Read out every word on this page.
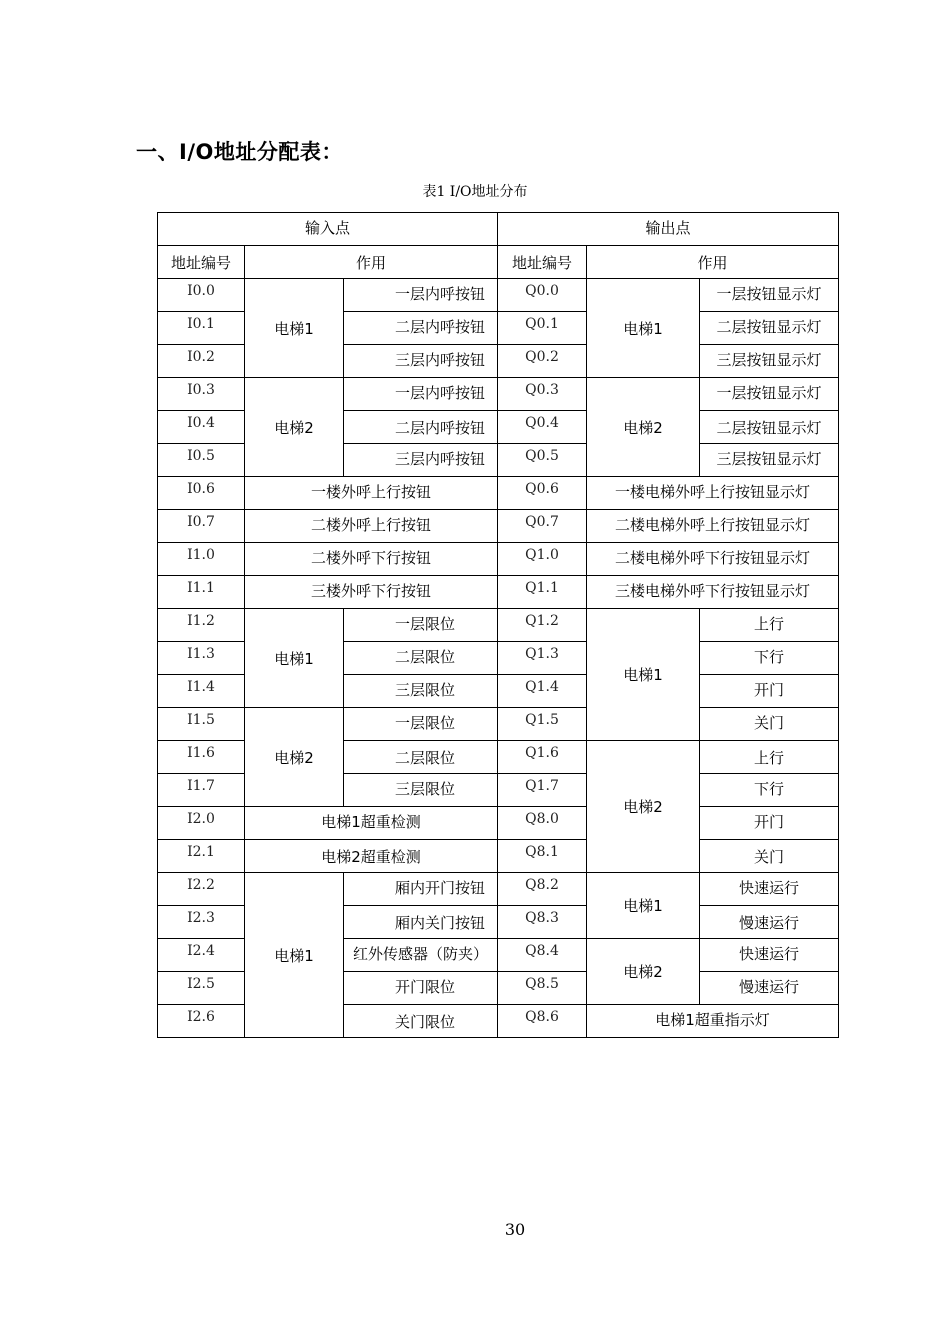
一、I/O地址分配表：
表1 I/O地址分布
输入点			输出点		
地址编号	作用		地址编号	作用	
I0.0	电梯1	一层内呼按钮	Q0.0	电梯1	一层按钮显示灯
I0.1		二层内呼按钮	Q0.1		二层按钮显示灯
I0.2		三层内呼按钮	Q0.2		三层按钮显示灯
I0.3	电梯2	一层内呼按钮	Q0.3	电梯2	一层按钮显示灯
I0.4		二层内呼按钮	Q0.4		二层按钮显示灯
I0.5		三层内呼按钮	Q0.5		三层按钮显示灯
I0.6	一楼外呼上行按钮		Q0.6	一楼电梯外呼上行按钮显示灯	
I0.7	二楼外呼上行按钮		Q0.7	二楼电梯外呼上行按钮显示灯	
I1.0	二楼外呼下行按钮		Q1.0	二楼电梯外呼下行按钮显示灯	
I1.1	三楼外呼下行按钮		Q1.1	三楼电梯外呼下行按钮显示灯	
I1.2	电梯1	一层限位	Q1.2	电梯1	上行
I1.3		二层限位	Q1.3		下行
I1.4		三层限位	Q1.4		开门
I1.5	电梯2	一层限位	Q1.5		关门
I1.6		二层限位	Q1.6	电梯2	上行
I1.7		三层限位	Q1.7		下行
I2.0	电梯1超重检测		Q8.0		开门
I2.1	电梯2超重检测		Q8.1		关门
I2.2	电梯1	厢内开门按钮	Q8.2	电梯1	快速运行
I2.3		厢内关门按钮	Q8.3		慢速运行
I2.4		红外传感器（防夹）	Q8.4	电梯2	快速运行
I2.5		开门限位	Q8.5		慢速运行
I2.6		关门限位	Q8.6	电梯1超重指示灯	
30
